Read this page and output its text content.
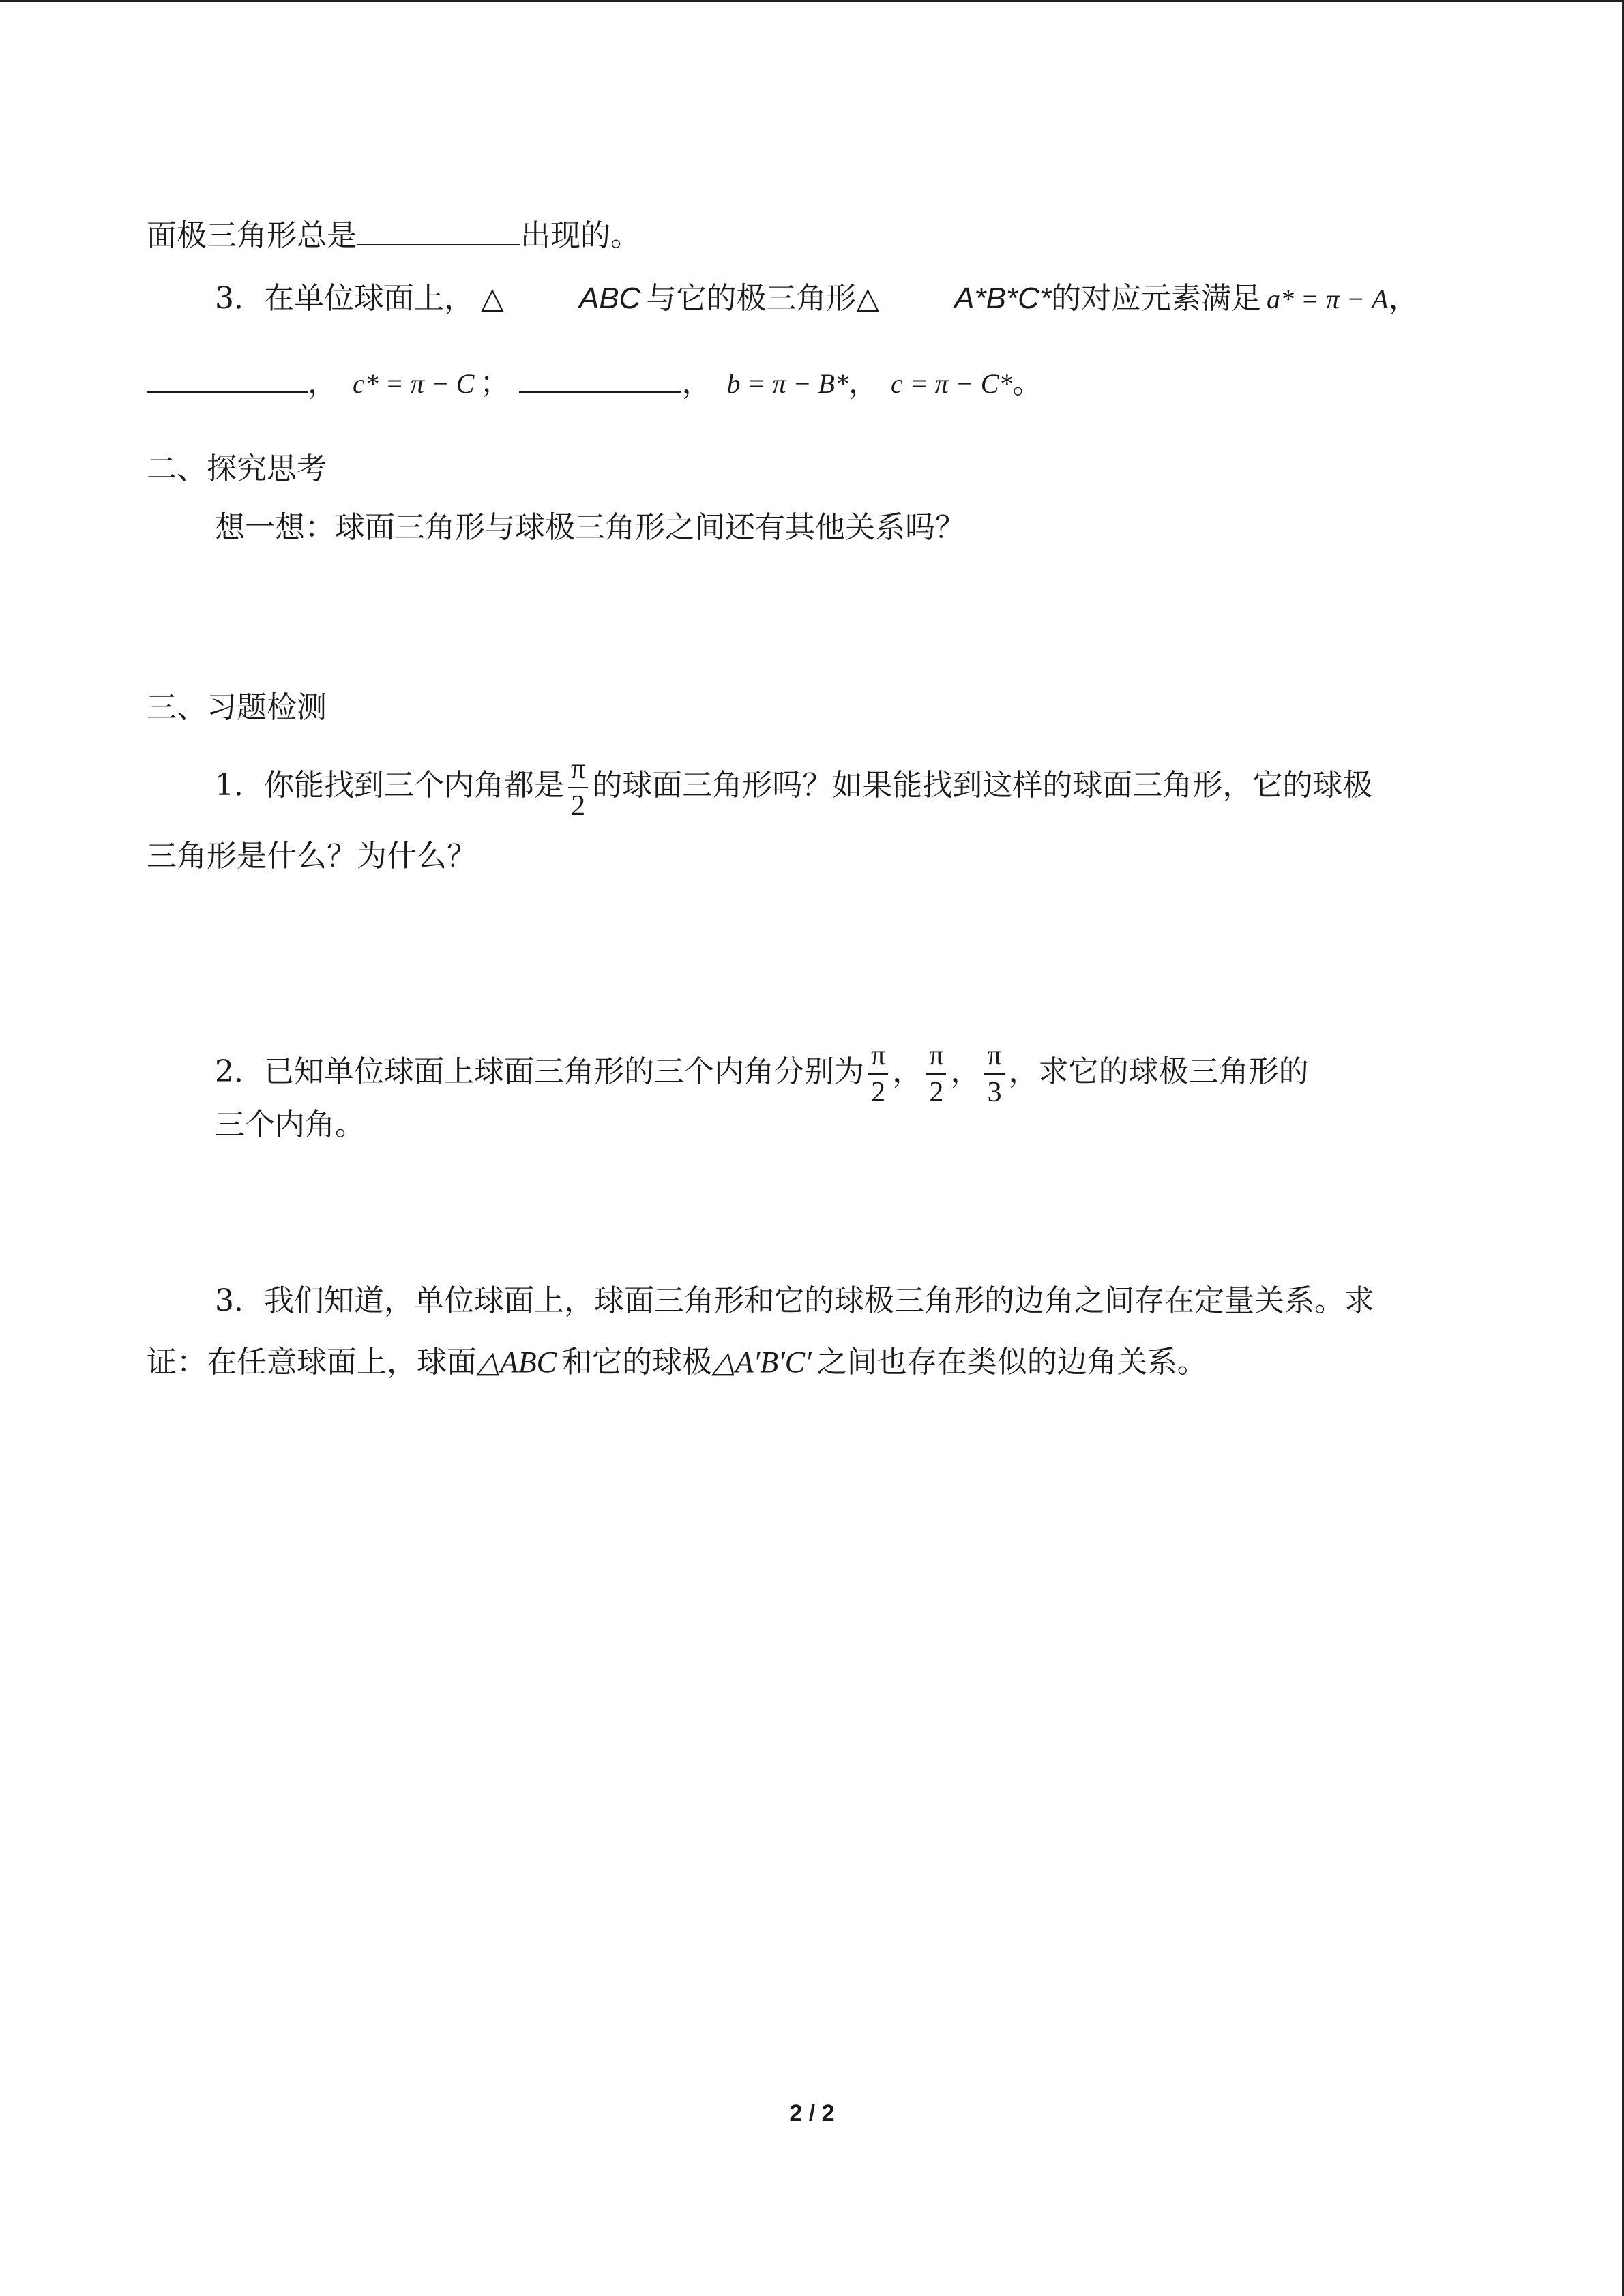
面极三角形总是	出现的。
3．在单位球面上， △	ABC 与它的极三角形△	A*B*C*的对应元素满足 a* = π − A，
， c* = π − C ；	， b = π − B*， c = π − C*。
二、探究思考
想一想：球面三角形与球极三角形之间还有其他关系吗？
三、习题检测
1．你能找到三个内角都是 $\frac{\pi}{2}$ 的球面三角形吗？如果能找到这样的球面三角形，它的球极
三角形是什么？为什么？
2．已知单位球面上球面三角形的三个内角分别为 $\frac{\pi}{2}$ ， $\frac{\pi}{2}$ ， $\frac{\pi}{3}$ ，求它的球极三角形的
三个内角。
3．我们知道，单位球面上，球面三角形和它的球极三角形的边角之间存在定量关系。求
证：在任意球面上，球面△ABC 和它的球极△A′B′C′ 之间也存在类似的边角关系。
2 / 2
